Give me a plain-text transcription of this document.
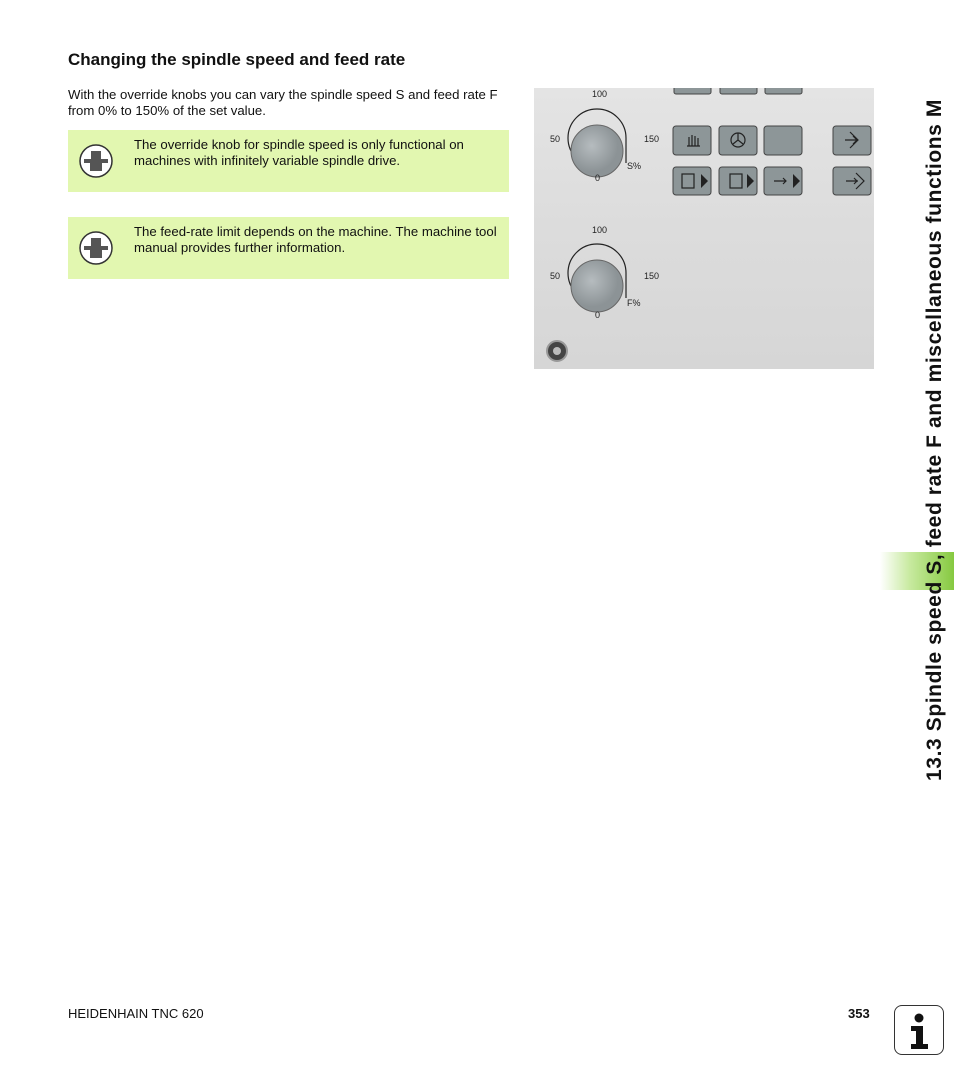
Changing the spindle speed and feed rate

With the override knobs you can vary the spindle speed S and feed rate F from 0% to 150% of the set value.

The override knob for spindle speed is only functional on machines with infinitely variable spindle drive.
The feed-rate limit depends on the machine. The machine tool manual provides further information.
100
50	150
0
S%
100
50	150
0
F%	13.3 Spindle speed S, feed rate F and miscellaneous functions M
HEIDENHAIN TNC 620	353
